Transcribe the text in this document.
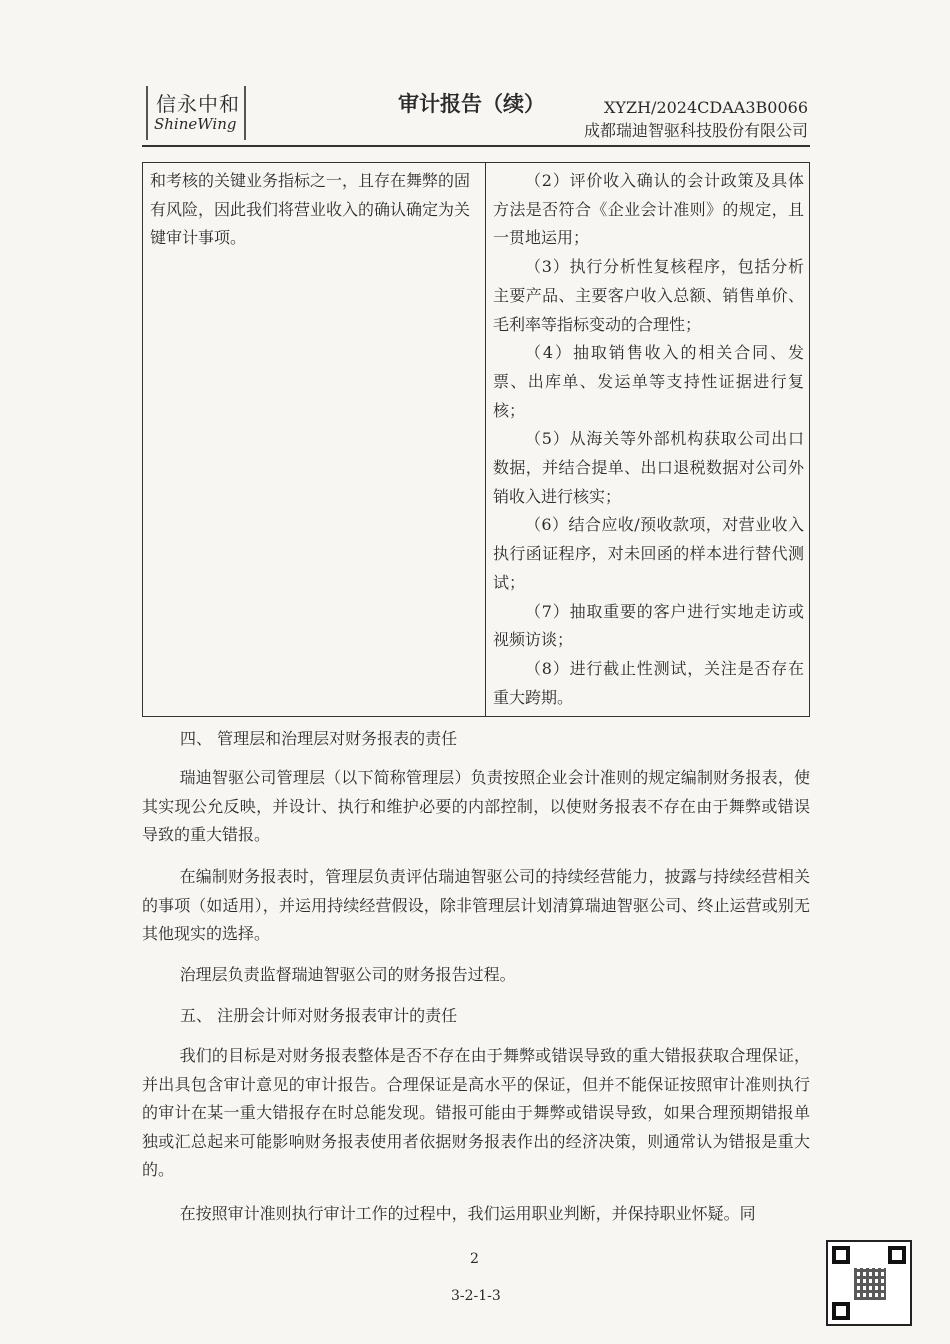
信永中和
ShineWing
审计报告（续）	XYZH/2024CDAA3B0066
成都瑞迪智驱科技股份有限公司
和考核的关键业务指标之一，且存在舞弊的固有风险，因此我们将营业收入的确认确定为关键审计事项。	

（2）评价收入确认的会计政策及具体方法是否符合《企业会计准则》的规定，且一贯地运用；

（3）执行分析性复核程序，包括分析主要产品、主要客户收入总额、销售单价、毛利率等指标变动的合理性；

（4）抽取销售收入的相关合同、发票、出库单、发运单等支持性证据进行复核；

（5）从海关等外部机构获取公司出口数据，并结合提单、出口退税数据对公司外销收入进行核实；

（6）结合应收/预收款项，对营业收入执行函证程序，对未回函的样本进行替代测试；

（7）抽取重要的客户进行实地走访或视频访谈；

（8）进行截止性测试，关注是否存在重大跨期。

四、 管理层和治理层对财务报表的责任

瑞迪智驱公司管理层（以下简称管理层）负责按照企业会计准则的规定编制财务报表，使其实现公允反映，并设计、执行和维护必要的内部控制，以使财务报表不存在由于舞弊或错误导致的重大错报。

在编制财务报表时，管理层负责评估瑞迪智驱公司的持续经营能力，披露与持续经营相关的事项（如适用），并运用持续经营假设，除非管理层计划清算瑞迪智驱公司、终止运营或别无其他现实的选择。

治理层负责监督瑞迪智驱公司的财务报告过程。

五、 注册会计师对财务报表审计的责任

我们的目标是对财务报表整体是否不存在由于舞弊或错误导致的重大错报获取合理保证，并出具包含审计意见的审计报告。合理保证是高水平的保证，但并不能保证按照审计准则执行的审计在某一重大错报存在时总能发现。错报可能由于舞弊或错误导致，如果合理预期错报单独或汇总起来可能影响财务报表使用者依据财务报表作出的经济决策，则通常认为错报是重大的。

在按照审计准则执行审计工作的过程中，我们运用职业判断，并保持职业怀疑。同

2
3-2-1-3
